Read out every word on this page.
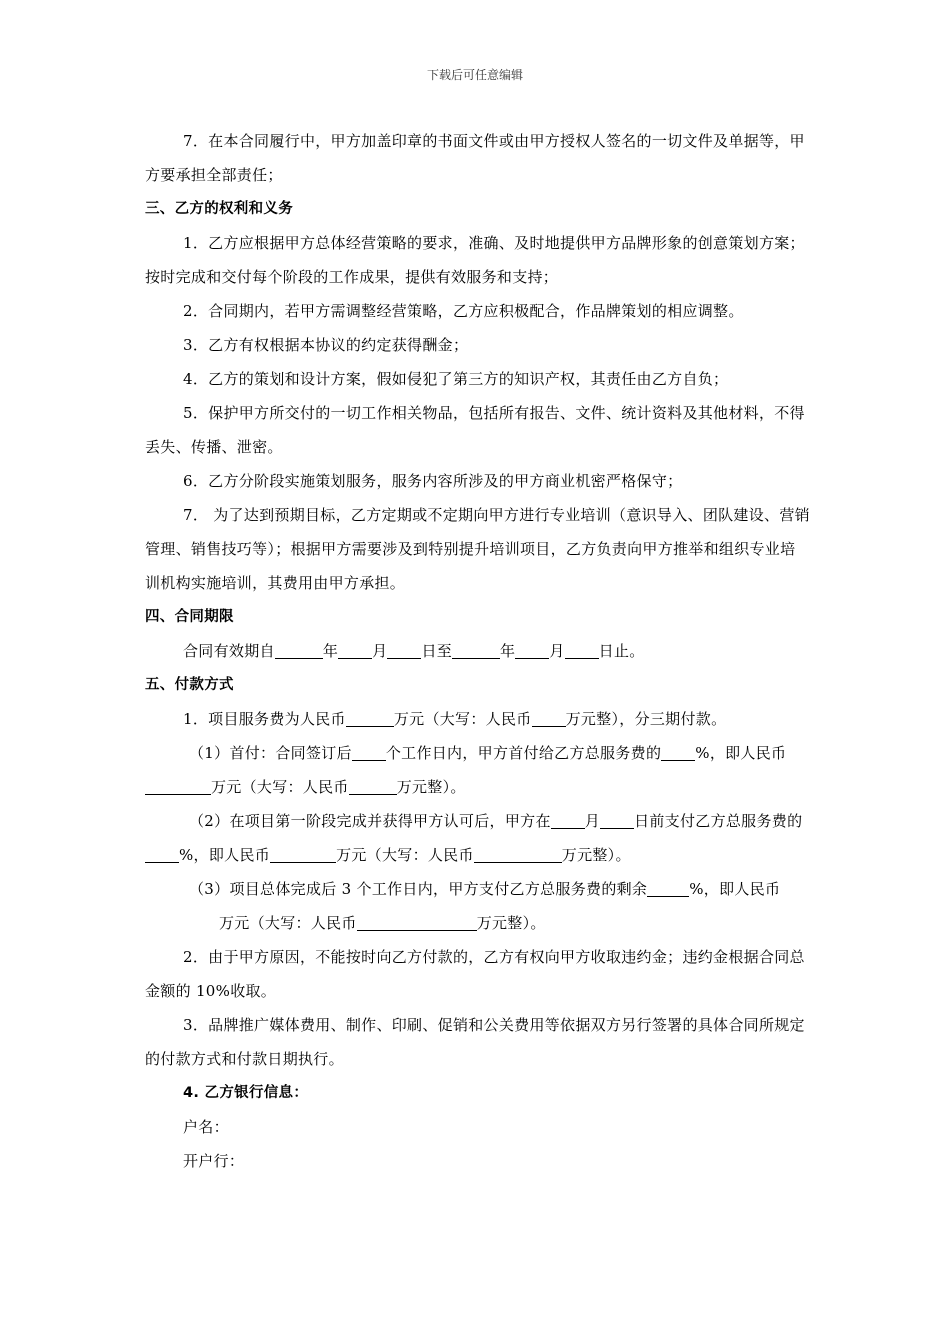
下载后可任意编辑

7．在本合同履行中，甲方加盖印章的书面文件或由甲方授权人签名的一切文件及单据等，甲方要承担全部责任；

三、乙方的权利和义务

1．乙方应根据甲方总体经营策略的要求，准确、及时地提供甲方品牌形象的创意策划方案；按时完成和交付每个阶段的工作成果，提供有效服务和支持；

2．合同期内，若甲方需调整经营策略，乙方应积极配合，作品牌策划的相应调整。

3．乙方有权根据本协议的约定获得酬金；

4．乙方的策划和设计方案，假如侵犯了第三方的知识产权，其责任由乙方自负；

5．保护甲方所交付的一切工作相关物品，包括所有报告、文件、统计资料及其他材料，不得丢失、传播、泄密。

6．乙方分阶段实施策划服务，服务内容所涉及的甲方商业机密严格保守；

7． 为了达到预期目标，乙方定期或不定期向甲方进行专业培训（意识导入、团队建设、营销管理、销售技巧等）；根据甲方需要涉及到特别提升培训项目，乙方负责向甲方推举和组织专业培训机构实施培训，其费用由甲方承担。

四、合同期限

合同有效期自	年 月 日至	年 月 日止。

五、付款方式

1．项目服务费为人民币	万元（大写：人民币 万元整），分三期付款。

（1）首付：合同签订后 个工作日内，甲方首付给乙方总服务费的 %，即人民币万元（大写：人民币	万元整）。

（2）在项目第一阶段完成并获得甲方认可后，甲方在 月 日前支付乙方总服务费的%，即人民币	万元（大写：人民币	万元整）。

（3）项目总体完成后 3 个工作日内，甲方支付乙方总服务费的剩余	%，即人民币万元（大写：人民币	万元整）。

2．由于甲方原因，不能按时向乙方付款的，乙方有权向甲方收取违约金；违约金根据合同总金额的 10%收取。

3．品牌推广媒体费用、制作、印刷、促销和公关费用等依据双方另行签署的具体合同所规定的付款方式和付款日期执行。

4. 乙方银行信息：

户名：

开户行：
